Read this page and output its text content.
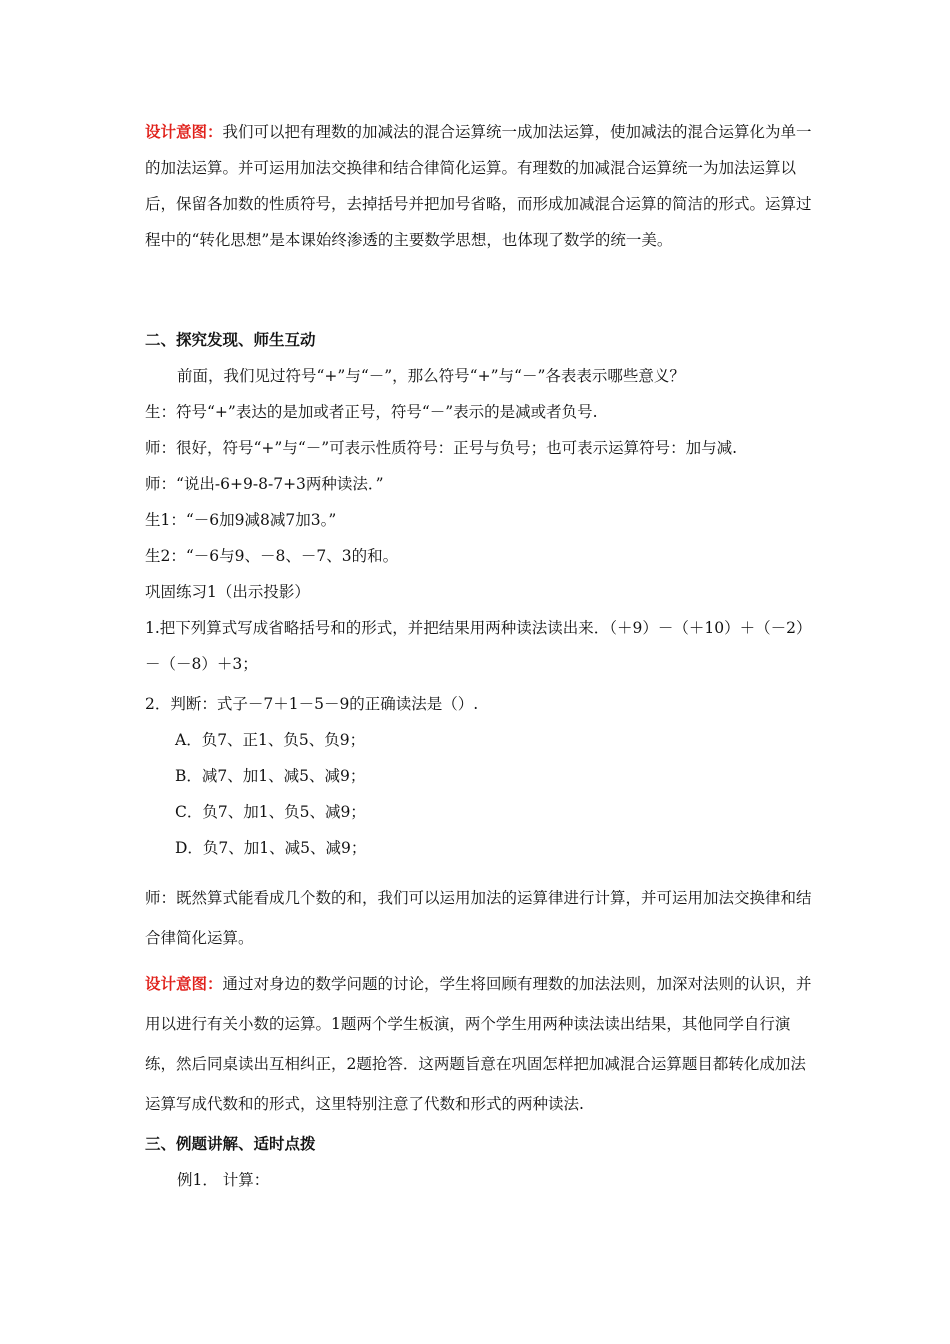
设计意图：我们可以把有理数的加减法的混合运算统一成加法运算，使加减法的混合运算化为单一的加法运算。并可运用加法交换律和结合律简化运算。有理数的加减混合运算统一为加法运算以后，保留各加数的性质符号，去掉括号并把加号省略，而形成加减混合运算的简洁的形式。运算过程中的“转化思想”是本课始终渗透的主要数学思想，也体现了数学的统一美。

二、探究发现、师生互动

前面，我们见过符号“+”与“－”，那么符号“+”与“－”各表表示哪些意义？

生：符号“+”表达的是加或者正号，符号“－”表示的是减或者负号.

师：很好，符号“+”与“－”可表示性质符号：正号与负号；也可表示运算符号：加与减.

师：“说出-6+9-8-7+3两种读法．”

生1：“－6加9减8减7加3。”

生2：“－6与9、－8、－7、3的和。

巩固练习1（出示投影）

1.把下列算式写成省略括号和的形式，并把结果用两种读法读出来．（＋9）－（＋10）＋（－2）－（－8）＋3；

2．判断：式子－7＋1－5－9的正确读法是（）.

A．负7、正1、负5、负9；

B．减7、加1、减5、减9；

C．负7、加1、负5、减9；

D．负7、加1、减5、减9；

师：既然算式能看成几个数的和，我们可以运用加法的运算律进行计算，并可运用加法交换律和结合律简化运算。

设计意图：通过对身边的数学问题的讨论，学生将回顾有理数的加法法则，加深对法则的认识，并用以进行有关小数的运算。1题两个学生板演，两个学生用两种读法读出结果，其他同学自行演练，然后同桌读出互相纠正，2题抢答．这两题旨意在巩固怎样把加减混合运算题目都转化成加法运算写成代数和的形式，这里特别注意了代数和形式的两种读法.

三、例题讲解、适时点拨

例1． 计算：
